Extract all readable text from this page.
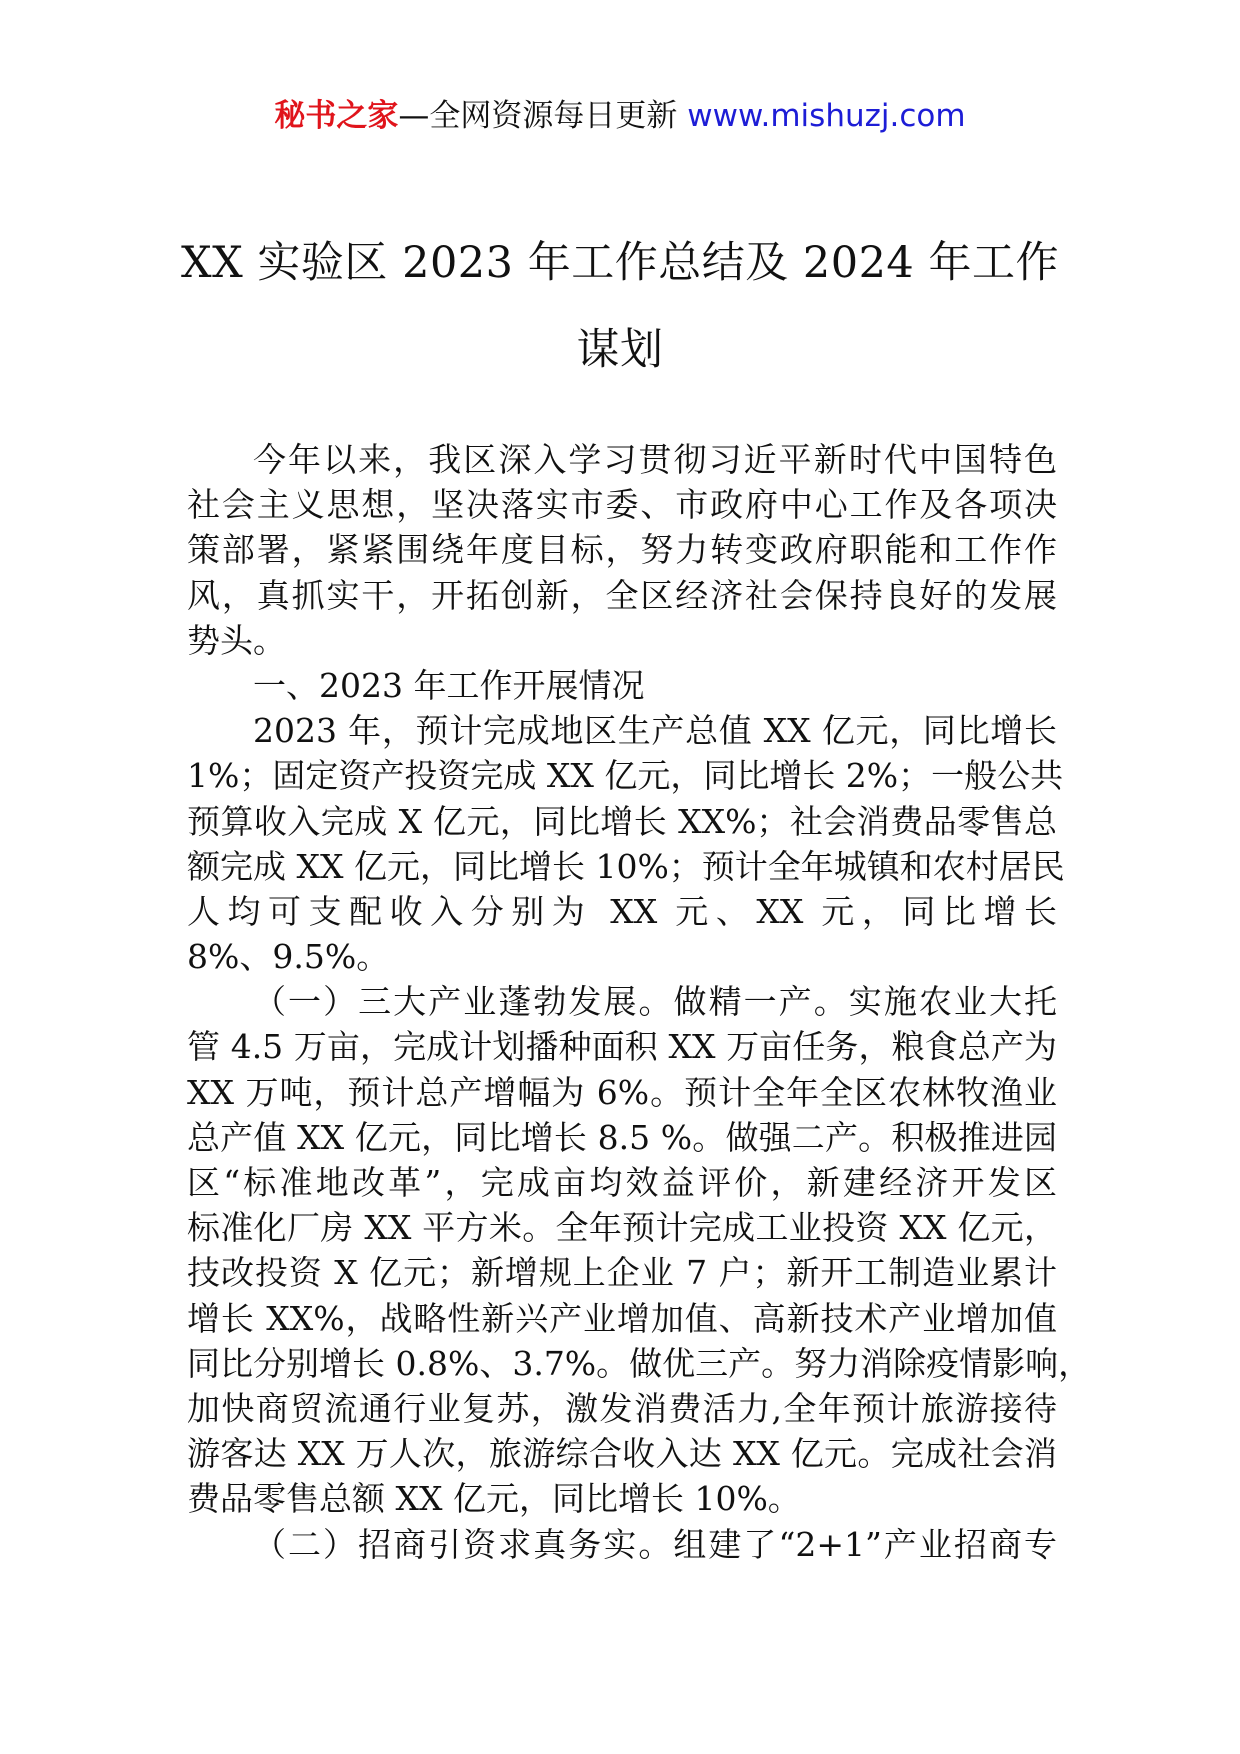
秘书之家—全网资源每日更新 www.mishuzj.com
XX 实验区 2023 年工作总结及 2024 年工作
谋划
今年以来，我区深入学习贯彻习近平新时代中国特色
社会主义思想，坚决落实市委、市政府中心工作及各项决
策部署，紧紧围绕年度目标，努力转变政府职能和工作作
风，真抓实干，开拓创新，全区经济社会保持良好的发展
势头。
一、2023 年工作开展情况
2023 年，预计完成地区生产总值 XX 亿元，同比增长
1%；固定资产投资完成 XX 亿元，同比增长 2%；一般公共
预算收入完成 X 亿元，同比增长 XX%；社会消费品零售总
额完成 XX 亿元，同比增长 10%；预计全年城镇和农村居民
人均可支配收入分别为 XX 元、XX 元，同比增长
8%、9.5%。
（一）三大产业蓬勃发展。做精一产。实施农业大托
管 4.5 万亩，完成计划播种面积 XX 万亩任务，粮食总产为
XX 万吨，预计总产增幅为 6%。预计全年全区农林牧渔业
总产值 XX 亿元，同比增长 8.5 %。做强二产。积极推进园
区“标准地改革”，完成亩均效益评价，新建经济开发区
标准化厂房 XX 平方米。全年预计完成工业投资 XX 亿元，
技改投资 X 亿元；新增规上企业 7 户；新开工制造业累计
增长 XX%，战略性新兴产业增加值、高新技术产业增加值
同比分别增长 0.8%、3.7%。做优三产。努力消除疫情影响，
加快商贸流通行业复苏，激发消费活力,全年预计旅游接待
游客达 XX 万人次，旅游综合收入达 XX 亿元。完成社会消
费品零售总额 XX 亿元，同比增长 10%。
（二）招商引资求真务实。组建了“2+1”产业招商专
